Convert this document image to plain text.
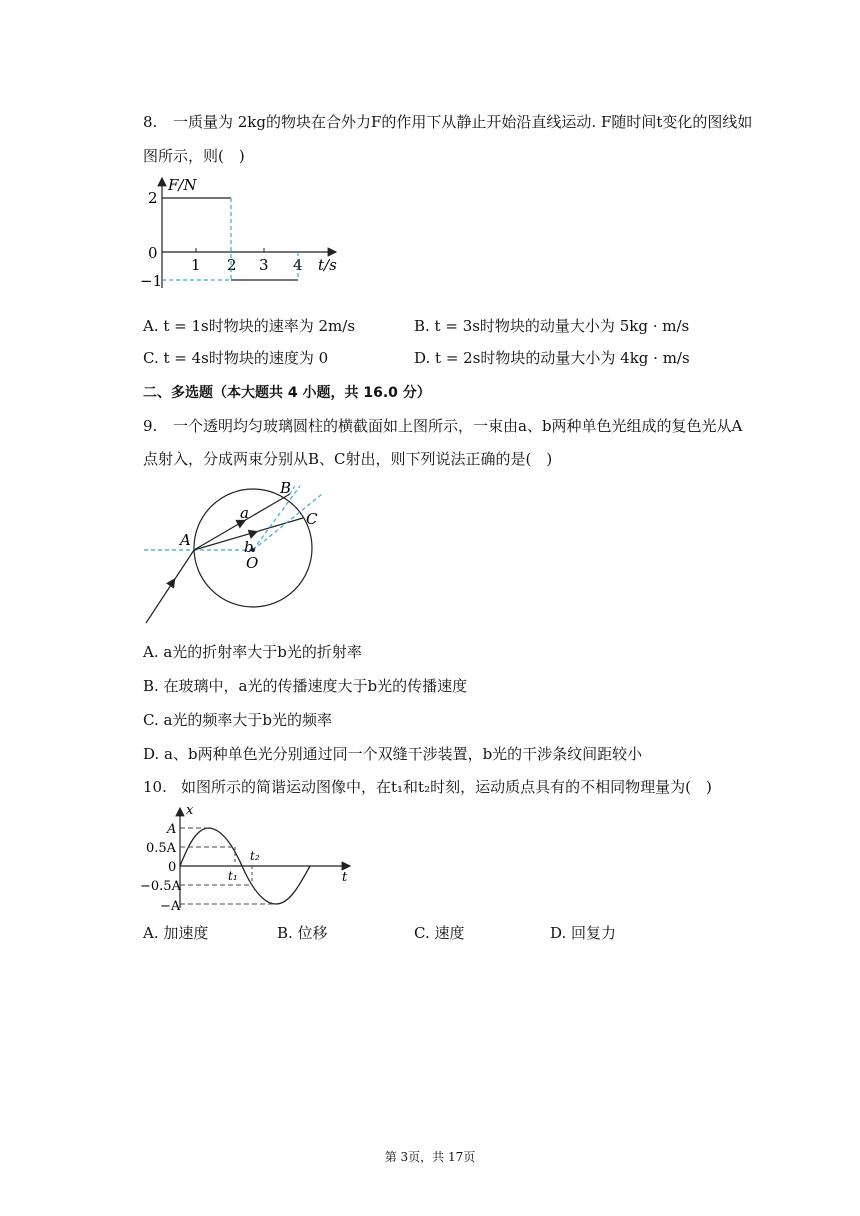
8. 一质量为 2kg的物块在合外力F的作用下从静止开始沿直线运动. F随时间t变化的图线如
图所示，则( )
F/N
t/s
2
0
−1
1 2 3 4
A. t = 1s时物块的速率为 2m/s	B. t = 3s时物块的动量大小为 5kg · m/s
C. t = 4s时物块的速度为 0	D. t = 2s时物块的动量大小为 4kg · m/s
二、多选题（本大题共 4 小题，共 16.0 分）
9. 一个透明均匀玻璃圆柱的横截面如上图所示，一束由a、b两种单色光组成的复色光从A
点射入，分成两束分别从B、C射出，则下列说法正确的是( )
A
B
C
O
a
b
A. a光的折射率大于b光的折射率
B. 在玻璃中，a光的传播速度大于b光的传播速度
C. a光的频率大于b光的频率
D. a、b两种单色光分别通过同一个双缝干涉装置，b光的干涉条纹间距较小
10. 如图所示的简谐运动图像中，在t₁和t₂时刻，运动质点具有的不相同物理量为( )
x
t
A
0.5A
0
−0.5A
−A
t₁
t₂
A. 加速度	B. 位移	C. 速度	D. 回复力
第 3页，共 17页
